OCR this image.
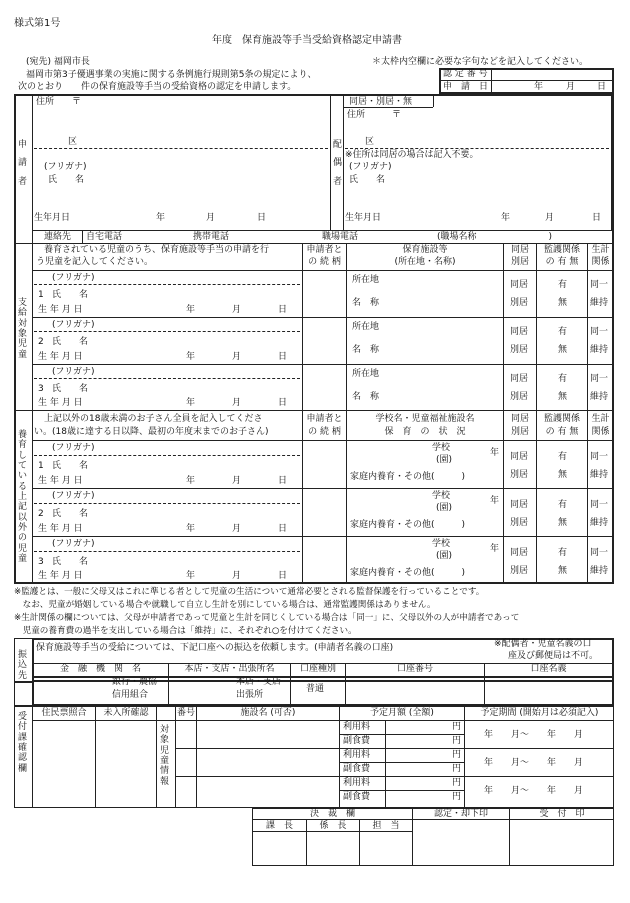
様式第1号
年度　保育施設等手当受給資格認定申請書
(宛先) 福岡市長	＊太枠内空欄に必要な字句などを記入してください。
福岡市第3子優遇事業の実施に関する条例施行規則第5条の規定により、
次のとおり　　件の保育施設等手当の受給資格の認定を申請します。
認 定 番 号
申　請　日	年	月 日
申
請
者
住所　　〒
区
(フリガナ)
氏　　名
生年月日	年	月	日
配
偶
者
同居・別居・無
住所　　　〒
区
※住所は同居の場合は記入不要。
(フリガナ)
氏　　名
生年月日	年	月	日
連絡先 自宅電話	携帯電話	職場電話	(職場名称　　　　　　　　)
支
給
対
象
児
童
養育されている児童のうち、保育施設等手当の申請を行
う児童を記入してください。
申請者と
の 続 柄
保育施設等
(所在地・名称)
同居
別居
監護関係
の 有 無
生計
関係
(フリガナ)
1 氏　　名
生 年 月 日	年	月	日
所在地
名　称
同居
別居
有
無
同一
維持
(フリガナ)
2 氏　　名
生 年 月 日	年	月	日
所在地
名　称
同居
別居
有
無
同一
維持
(フリガナ)
3 氏　　名
生 年 月 日	年	月	日
所在地
名　称
同居
別居
有
無
同一
維持
養
育
し
て
い
る
上
記
以
外
の
児
童
上記以外の18歳未満のお子さん全員を記入してくださ
い。(18歳に達する日以降、最初の年度末までのお子さん)
申請者と
の 続 柄
学校名・児童福祉施設名
保　育　の　状　況
同居
別居
監護関係
の 有 無
生計
関係
(フリガナ)
1 氏　　名
生 年 月 日	年	月	日
学校	年
(園)
家庭内養育・その他(　　　)
同居
別居
有
無
同一
維持
(フリガナ)
2 氏　　名
生 年 月 日	年	月	日
学校	年
(園)
家庭内養育・その他(　　　)
同居
別居
有
無
同一
維持
(フリガナ)
3 氏　　名
生 年 月 日	年	月	日
学校	年
(園)
家庭内養育・その他(　　　)
同居
別居
有
無
同一
維持
※監護とは、一般に父母又はこれに準じる者として児童の生活について通常必要とされる監督保護を行っていることです。
　なお、児童が婚姻している場合や就職して自立し生計を別にしている場合は、通常監護関係はありません。
※生計関係の欄については、父母が申請者であって児童と生計を同じくしている場合は「同一」に、父母以外の人が申請者であって
　児童の養育費の過半を支出している場合は「維持」に、それぞれ○を付けてください。
振
込
先
保育施設等手当の受給については、下記口座への振込を依頼します。(申請者名義の口座)	※配偶者・児童名義の口
座及び郵便局は不可。
金　融　機　関　名	本店・支店・出張所名	口座種別	口座番号	口座名義
銀行・農協	本店・支店
信用組合	出張所
普通
受
付
課
確
認
欄
住民票照合	未入所確認
対
象
児
童
情
報
番号	施設名 (可否)	予定月額 (全額)	予定期間 (開始月は必須記入)
利用料	円
副食費	円
年　　月〜　　年　　月
利用料	円
副食費	円
年　　月〜　　年　　月
利用料	円
副食費	円
年　　月〜　　年　　月
決　裁　欄	認定・却下印	受　付　印
課　長	係　長	担　当
